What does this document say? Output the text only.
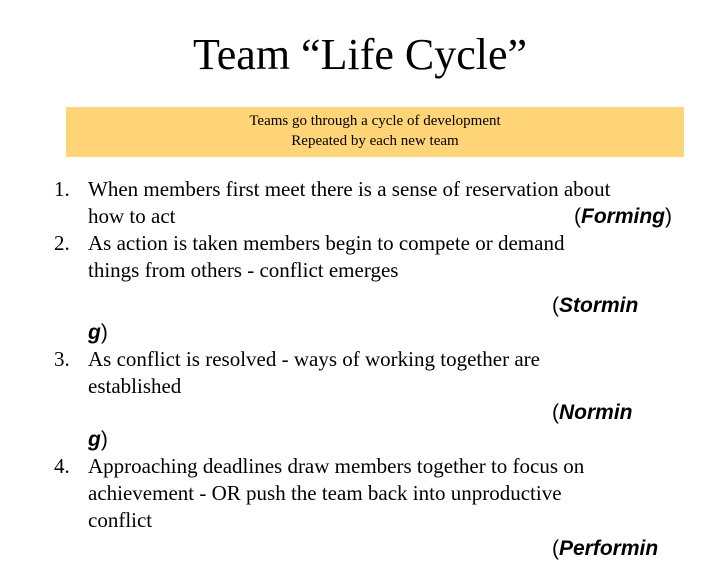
Team “Life Cycle”
Teams go through a cycle of development
Repeated by each new team
1. When members first meet there is a sense of reservation about
how to act	(Forming)
2. As action is taken members begin to compete or demand
things from others - conflict emerges
(Stormin
g)
3. As conflict is resolved - ways of working together are
established
(Normin
g)
4. Approaching deadlines draw members together to focus on
achievement - OR push the team back into unproductive
conflict
(Performin
